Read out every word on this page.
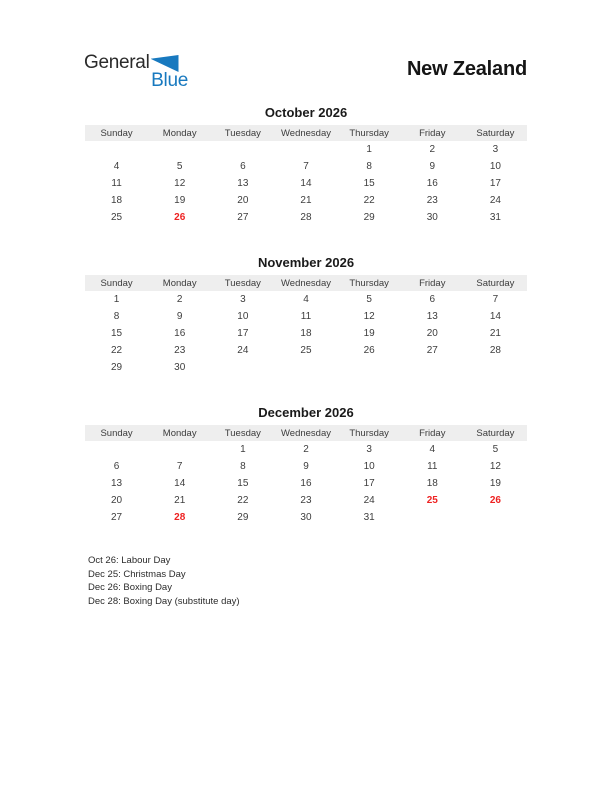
General
Blue
New Zealand
October 2026
Sunday	Monday	Tuesday	Wednesday	Thursday	Friday	Saturday
				1	2	3
4	5	6	7	8	9	10
11	12	13	14	15	16	17
18	19	20	21	22	23	24
25	26	27	28	29	30	31
November 2026
Sunday	Monday	Tuesday	Wednesday	Thursday	Friday	Saturday
1	2	3	4	5	6	7
8	9	10	11	12	13	14
15	16	17	18	19	20	21
22	23	24	25	26	27	28
29	30					
December 2026
Sunday	Monday	Tuesday	Wednesday	Thursday	Friday	Saturday
		1	2	3	4	5
6	7	8	9	10	11	12
13	14	15	16	17	18	19
20	21	22	23	24	25	26
27	28	29	30	31		
Oct 26: Labour Day
Dec 25: Christmas Day
Dec 26: Boxing Day
Dec 28: Boxing Day (substitute day)
